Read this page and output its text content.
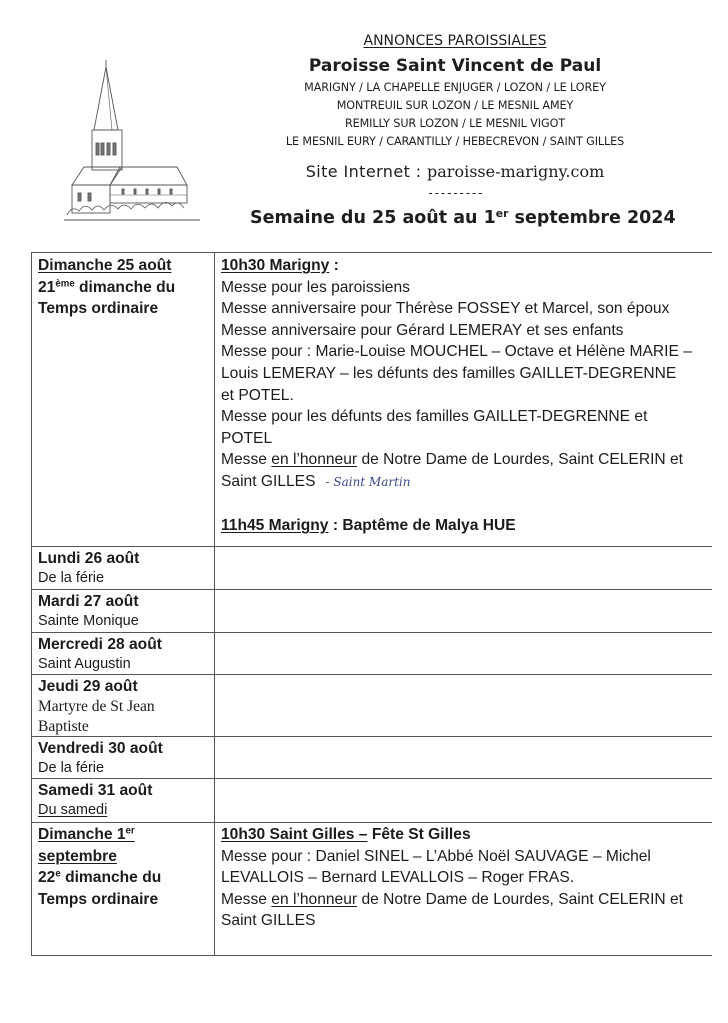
ANNONCES PAROISSIALES
Paroisse Saint Vincent de Paul
MARIGNY / LA CHAPELLE ENJUGER / LOZON / LE LOREY
MONTREUIL SUR LOZON / LE MESNIL AMEY
REMILLY SUR LOZON / LE MESNIL VIGOT
LE MESNIL EURY / CARANTILLY / HEBECREVON / SAINT GILLES
Site Internet : paroisse-marigny.com
---------
Semaine du 25 août au 1er septembre 2024
Dimanche 25 août
21ème dimanche du
Temps ordinaire
10h30 Marigny :
Messe pour les paroissiens
Messe anniversaire pour Thérèse FOSSEY et Marcel, son époux
Messe anniversaire pour Gérard LEMERAY et ses enfants
Messe pour : Marie-Louise MOUCHEL – Octave et Hélène MARIE –
Louis LEMERAY – les défunts des familles GAILLET-DEGRENNE
et POTEL.
Messe pour les défunts des familles GAILLET-DEGRENNE et
POTEL
Messe en l’honneur de Notre Dame de Lourdes, Saint CELERIN et
Saint GILLES - Saint Martin

11h45 Marigny : Baptême de Malya HUE
Lundi 26 août
De la férie
Mardi 27 août
Sainte Monique
Mercredi 28 août
Saint Augustin
Jeudi 29 août
Martyre de St Jean
Baptiste
Vendredi 30 août
De la férie
Samedi 31 août
Du samedi
Dimanche 1er
septembre
22e dimanche du
Temps ordinaire
10h30 Saint Gilles – Fête St Gilles
Messe pour : Daniel SINEL – L’Abbé Noël SAUVAGE – Michel
LEVALLOIS – Bernard LEVALLOIS – Roger FRAS.
Messe en l’honneur de Notre Dame de Lourdes, Saint CELERIN et
Saint GILLES
